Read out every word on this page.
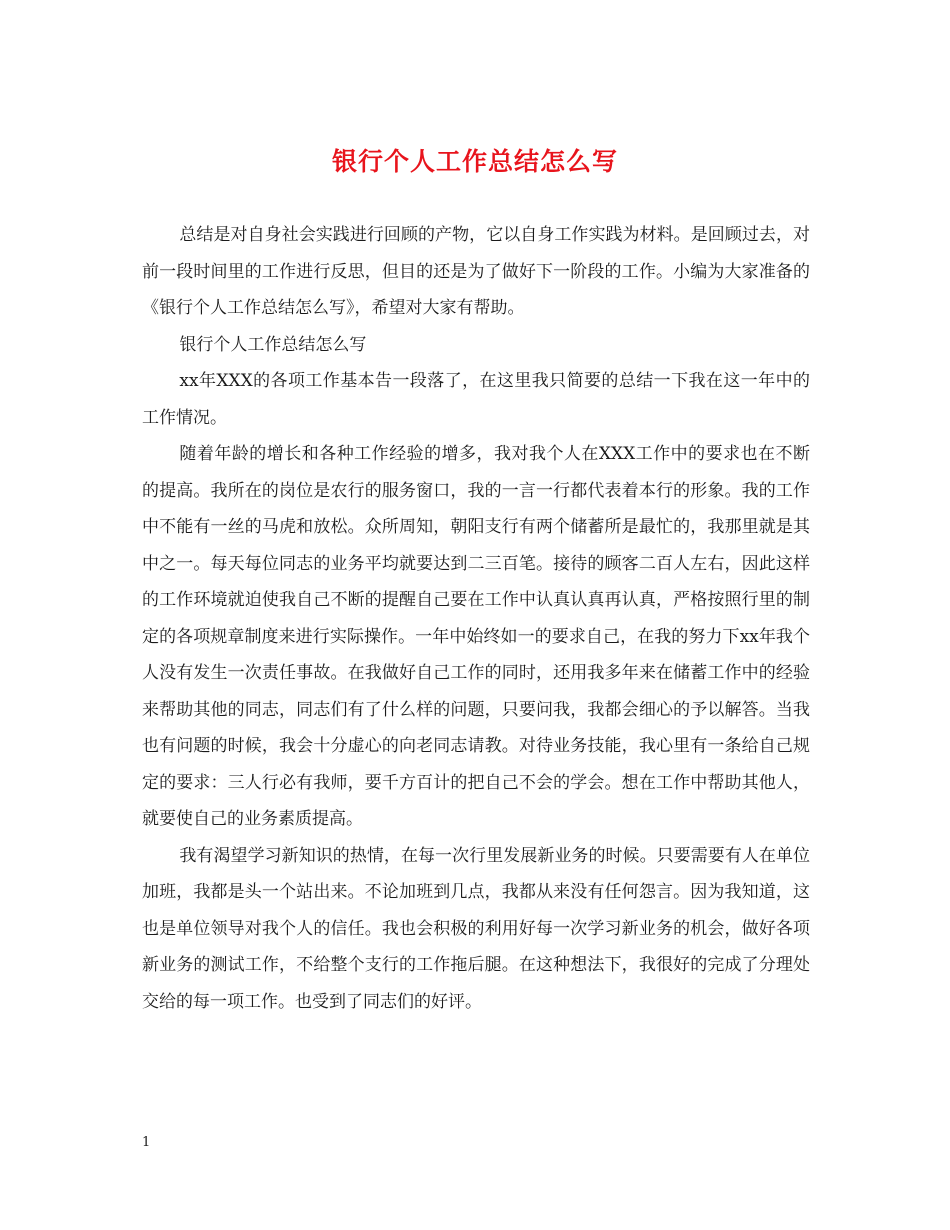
银行个人工作总结怎么写

总结是对自身社会实践进行回顾的产物，它以自身工作实践为材料。是回顾过去，对前一段时间里的工作进行反思，但目的还是为了做好下一阶段的工作。小编为大家准备的《银行个人工作总结怎么写》，希望对大家有帮助。

银行个人工作总结怎么写

xx年XXX的各项工作基本告一段落了，在这里我只简要的总结一下我在这一年中的工作情况。

随着年龄的增长和各种工作经验的增多，我对我个人在XXX工作中的要求也在不断的提高。我所在的岗位是农行的服务窗口，我的一言一行都代表着本行的形象。我的工作中不能有一丝的马虎和放松。众所周知，朝阳支行有两个储蓄所是最忙的，我那里就是其中之一。每天每位同志的业务平均就要达到二三百笔。接待的顾客二百人左右，因此这样的工作环境就迫使我自己不断的提醒自己要在工作中认真认真再认真，严格按照行里的制定的各项规章制度来进行实际操作。一年中始终如一的要求自己，在我的努力下xx年我个人没有发生一次责任事故。在我做好自己工作的同时，还用我多年来在储蓄工作中的经验来帮助其他的同志，同志们有了什么样的问题，只要问我，我都会细心的予以解答。当我也有问题的时候，我会十分虚心的向老同志请教。对待业务技能，我心里有一条给自己规定的要求：三人行必有我师，要千方百计的把自己不会的学会。想在工作中帮助其他人，就要使自己的业务素质提高。

我有渴望学习新知识的热情，在每一次行里发展新业务的时候。只要需要有人在单位加班，我都是头一个站出来。不论加班到几点，我都从来没有任何怨言。因为我知道，这也是单位领导对我个人的信任。我也会积极的利用好每一次学习新业务的机会，做好各项新业务的测试工作，不给整个支行的工作拖后腿。在这种想法下，我很好的完成了分理处交给的每一项工作。也受到了同志们的好评。

1
